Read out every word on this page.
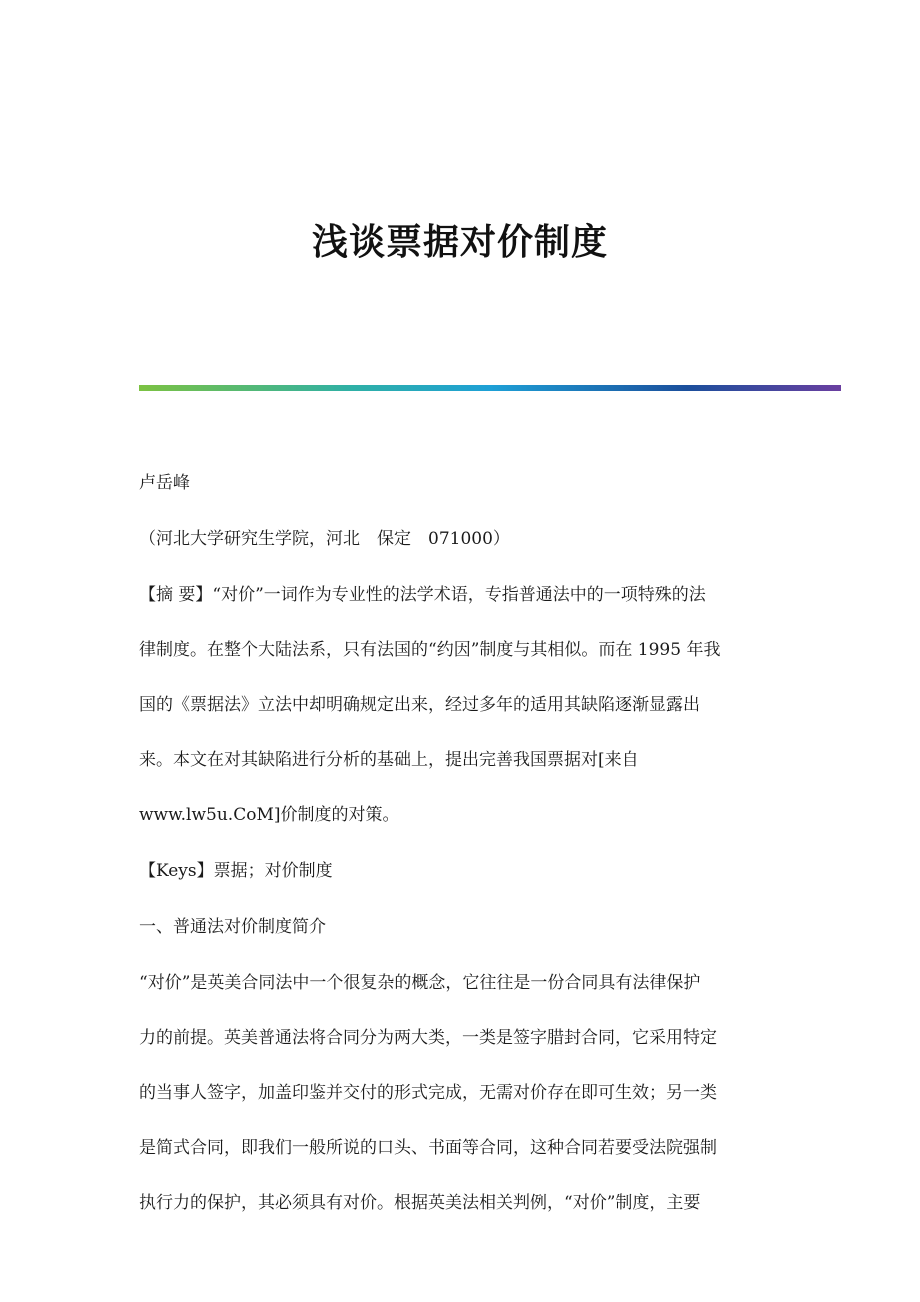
浅谈票据对价制度

卢岳峰

（河北大学研究生学院，河北　保定　071000）

【摘 要】“对价”一词作为专业性的法学术语，专指普通法中的一项特殊的法
律制度。在整个大陆法系，只有法国的“约因”制度与其相似。而在 1995 年我
国的《票据法》立法中却明确规定出来，经过多年的适用其缺陷逐渐显露出
来。本文在对其缺陷进行分析的基础上，提出完善我国票据对[来自
www.lw5u.CoM]价制度的对策。

【Keys】票据；对价制度

一、普通法对价制度简介

“对价”是英美合同法中一个很复杂的概念，它往往是一份合同具有法律保护
力的前提。英美普通法将合同分为两大类，一类是签字腊封合同，它采用特定
的当事人签字，加盖印鉴并交付的形式完成，无需对价存在即可生效；另一类
是简式合同，即我们一般所说的口头、书面等合同，这种合同若要受法院强制
执行力的保护，其必须具有对价。根据英美法相关判例，“对价”制度，主要
